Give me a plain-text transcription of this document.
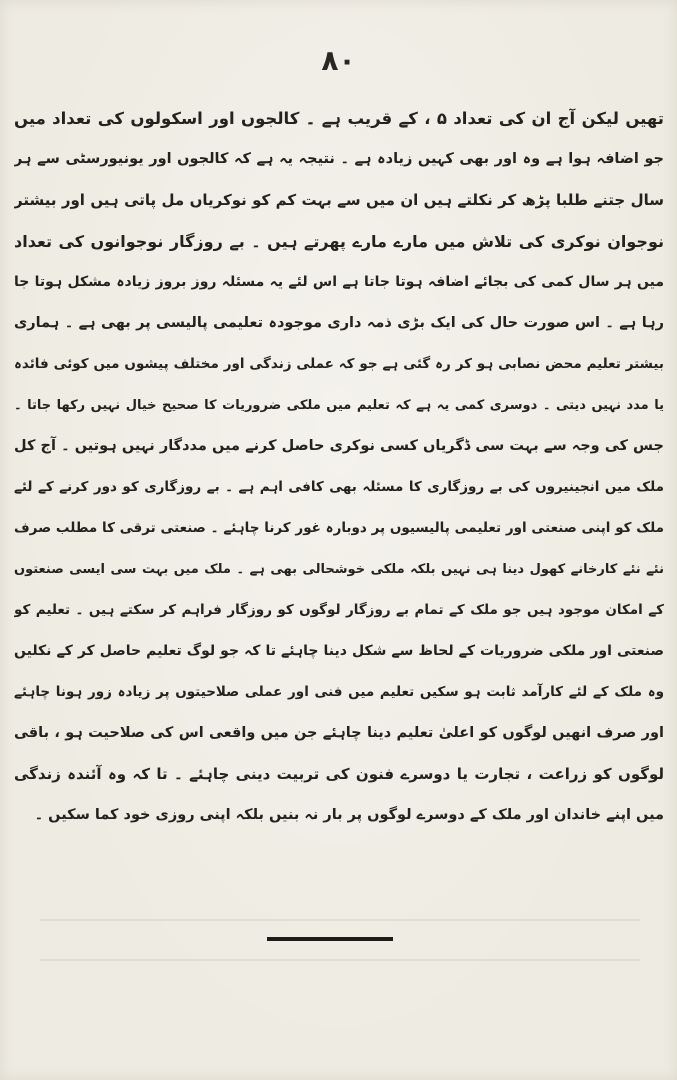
۸۰
تھیں لیکن آج ان کی تعداد ۵ ، کے قریب ہے ۔ کالجوں اور اسکولوں کی تعداد میں
جو اضافہ ہوا ہے وہ اور بھی کہیں زیادہ ہے ۔ نتیجہ یہ ہے کہ کالجوں اور یونیورسٹی سے ہر
سال جتنے طلبا پڑھ کر نکلتے ہیں ان میں سے بہت کم کو نوکریاں مل پاتی ہیں اور بیشتر
نوجوان نوکری کی تلاش میں مارے مارے پھرتے ہیں ۔ بے روزگار نوجوانوں کی تعداد
میں ہر سال کمی کی بجائے اضافہ ہوتا جاتا ہے اس لئے یہ مسئلہ روز بروز زیادہ مشکل ہوتا جا
رہا ہے ۔ اس صورت حال کی ایک بڑی ذمہ داری موجودہ تعلیمی پالیسی پر بھی ہے ۔ ہماری
بیشتر تعلیم محض نصابی ہو کر رہ گئی ہے جو کہ عملی زندگی اور مختلف پیشوں میں کوئی فائدہ
یا مدد نہیں دیتی ۔ دوسری کمی یہ ہے کہ تعلیم میں ملکی ضروریات کا صحیح خیال نہیں رکھا جاتا ۔
جس کی وجہ سے بہت سی ڈگریاں کسی نوکری حاصل کرنے میں مددگار نہیں ہوتیں ۔ آج کل
ملک میں انجینیروں کی بے روزگاری کا مسئلہ بھی کافی اہم ہے ۔ بے روزگاری کو دور کرنے کے لئے
ملک کو اپنی صنعتی اور تعلیمی پالیسیوں پر دوبارہ غور کرنا چاہئے ۔ صنعتی ترقی کا مطلب صرف
نئے نئے کارخانے کھول دینا ہی نہیں بلکہ ملکی خوشحالی بھی ہے ۔ ملک میں بہت سی ایسی صنعتوں
کے امکان موجود ہیں جو ملک کے تمام بے روزگار لوگوں کو روزگار فراہم کر سکتے ہیں ۔ تعلیم کو
صنعتی اور ملکی ضروریات کے لحاظ سے شکل دینا چاہئے تا کہ جو لوگ تعلیم حاصل کر کے نکلیں
وہ ملک کے لئے کارآمد ثابت ہو سکیں تعلیم میں فنی اور عملی صلاحیتوں پر زیادہ زور ہونا چاہئے
اور صرف انھیں لوگوں کو اعلیٰ تعلیم دینا چاہئے جن میں واقعی اس کی صلاحیت ہو ، باقی
لوگوں کو زراعت ، تجارت یا دوسرے فنون کی تربیت دینی چاہئے ۔ تا کہ وہ آئندہ زندگی
میں اپنے خاندان اور ملک کے دوسرے لوگوں پر بار نہ بنیں بلکہ اپنی روزی خود کما سکیں ۔
